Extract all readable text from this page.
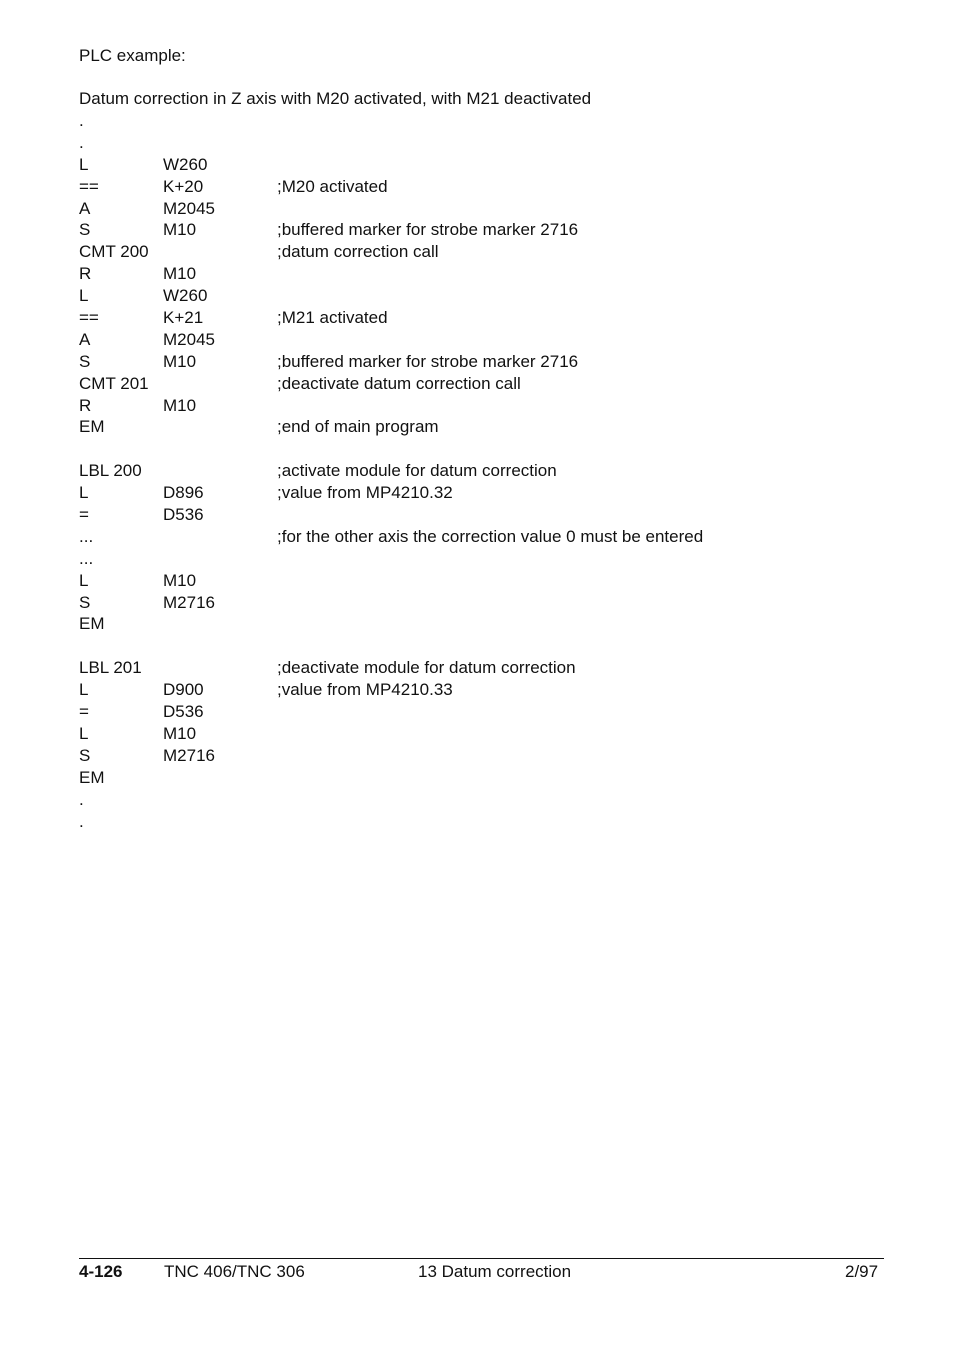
PLC example:
Datum correction in Z axis with M20 activated, with M21 deactivated
.
.
L	W260
==	K+20	;M20 activated
A	M2045
S	M10	;buffered marker for strobe marker 2716
CMT 200	;datum correction call
R	M10
L	W260
==	K+21	;M21 activated
A	M2045
S	M10	;buffered marker for strobe marker 2716
CMT 201	;deactivate datum correction call
R	M10
EM	;end of main program
LBL 200	;activate module for datum correction
L	D896	;value from MP4210.32
=	D536
...	;for the other axis the correction value 0 must be entered
...
L	M10
S	M2716
EM
LBL 201	;deactivate module for datum correction
L	D900	;value from MP4210.33
=	D536
L	M10
S	M2716
EM
.
.
4-126 TNC 406/TNC 306	13 Datum correction	2/97
